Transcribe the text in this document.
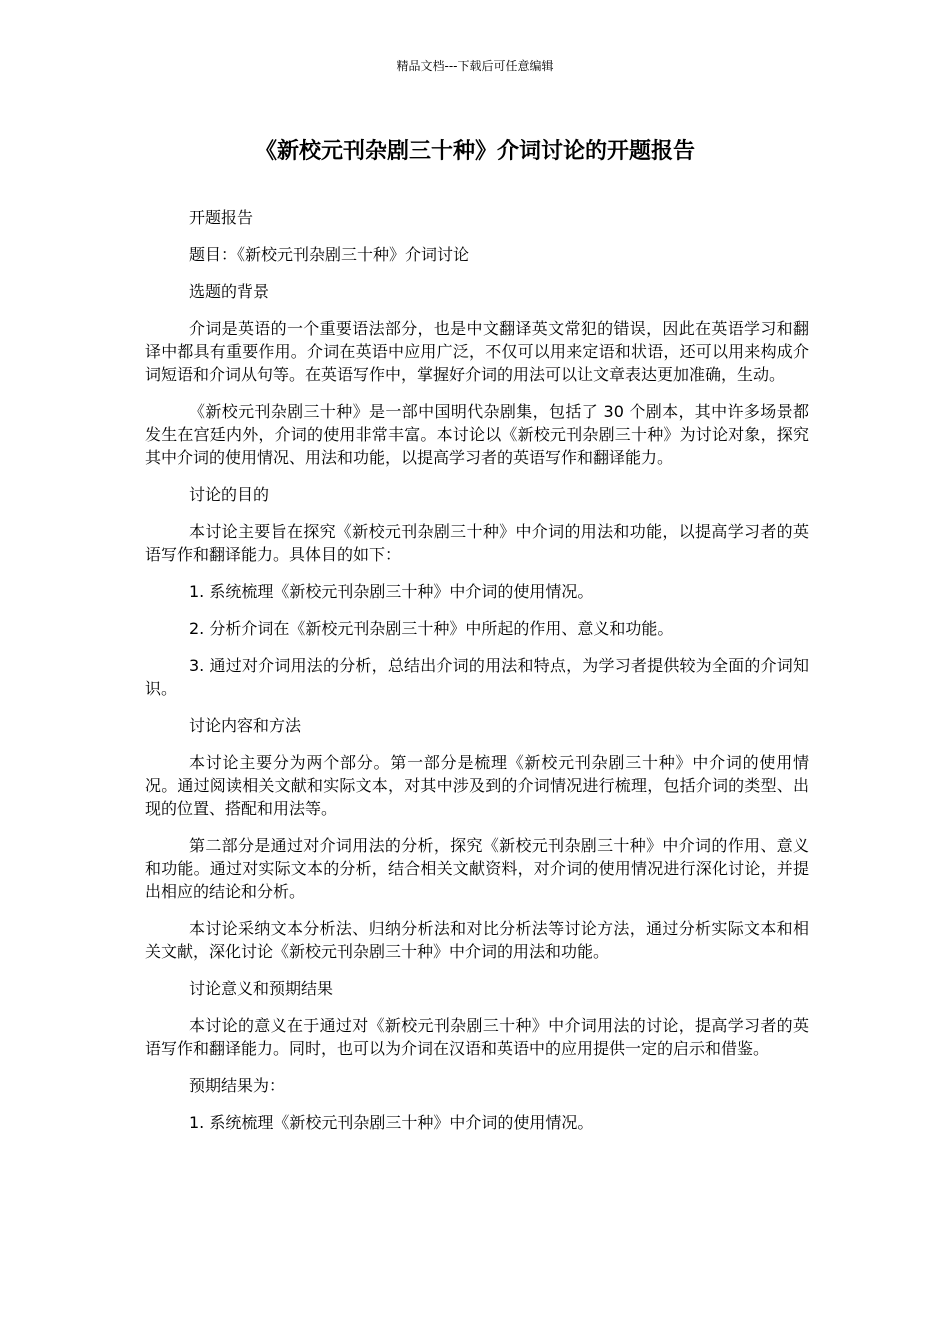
精品文档---下载后可任意编辑
《新校元刊杂剧三十种》介词讨论的开题报告

开题报告

题目：《新校元刊杂剧三十种》介词讨论

选题的背景

介词是英语的一个重要语法部分，也是中文翻译英文常犯的错误，因此在英语学习和翻译中都具有重要作用。介词在英语中应用广泛，不仅可以用来定语和状语，还可以用来构成介词短语和介词从句等。在英语写作中，掌握好介词的用法可以让文章表达更加准确，生动。

《新校元刊杂剧三十种》是一部中国明代杂剧集，包括了 30 个剧本，其中许多场景都发生在宫廷内外，介词的使用非常丰富。本讨论以《新校元刊杂剧三十种》为讨论对象，探究其中介词的使用情况、用法和功能，以提高学习者的英语写作和翻译能力。

讨论的目的

本讨论主要旨在探究《新校元刊杂剧三十种》中介词的用法和功能，以提高学习者的英语写作和翻译能力。具体目的如下：

1. 系统梳理《新校元刊杂剧三十种》中介词的使用情况。

2. 分析介词在《新校元刊杂剧三十种》中所起的作用、意义和功能。

3. 通过对介词用法的分析，总结出介词的用法和特点，为学习者提供较为全面的介词知识。

讨论内容和方法

本讨论主要分为两个部分。第一部分是梳理《新校元刊杂剧三十种》中介词的使用情况。通过阅读相关文献和实际文本，对其中涉及到的介词情况进行梳理，包括介词的类型、出现的位置、搭配和用法等。

第二部分是通过对介词用法的分析，探究《新校元刊杂剧三十种》中介词的作用、意义和功能。通过对实际文本的分析，结合相关文献资料，对介词的使用情况进行深化讨论，并提出相应的结论和分析。

本讨论采纳文本分析法、归纳分析法和对比分析法等讨论方法，通过分析实际文本和相关文献，深化讨论《新校元刊杂剧三十种》中介词的用法和功能。

讨论意义和预期结果

本讨论的意义在于通过对《新校元刊杂剧三十种》中介词用法的讨论，提高学习者的英语写作和翻译能力。同时，也可以为介词在汉语和英语中的应用提供一定的启示和借鉴。

预期结果为：

1. 系统梳理《新校元刊杂剧三十种》中介词的使用情况。
